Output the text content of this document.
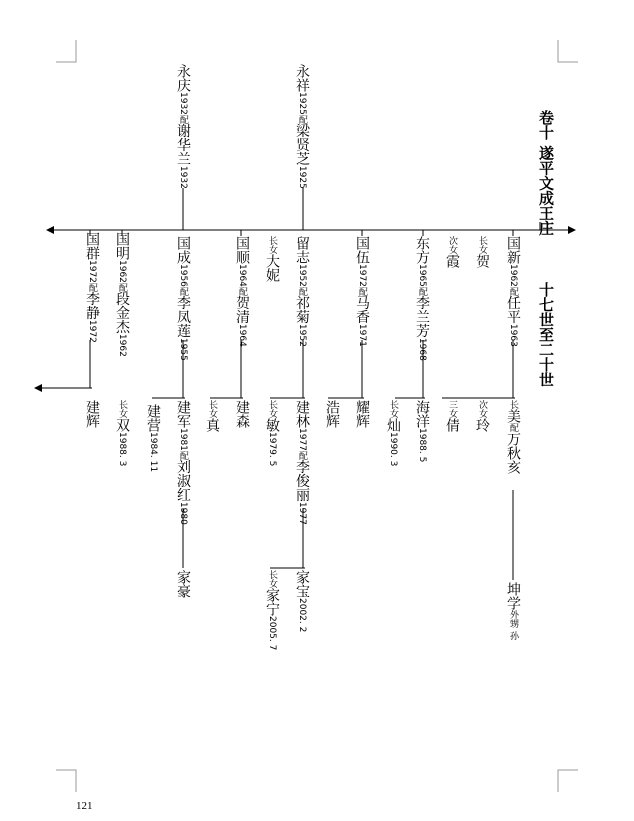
卷十 遂平文成王庄
十七世至二十世
国新1962配任平1963
长女贺
次女霞
长美配万秋亥
坤学外甥 孙
次女玲
三女倩
东方1965配李兰芳1968
海洋1988. 5
长女灿1990. 3
国伍1972配马香1971
耀辉
浩辉
永祥1925配梁贤芝1925
留志1952配祁菊1952
长女大妮
建林1977配李俊丽1977
家宝2002. 2
长女敏1979. 5
长女家宁2005. 7
国顺1964配贺清1964
建森
长女真
永庆1932配谢华兰1932
国成1956配李凤莲1955
建军1981配刘淑红1980
家豪
建营1984. 11
国明1962配段金杰1962
长女双1988. 3
国群1972配李静1972
建辉
121
